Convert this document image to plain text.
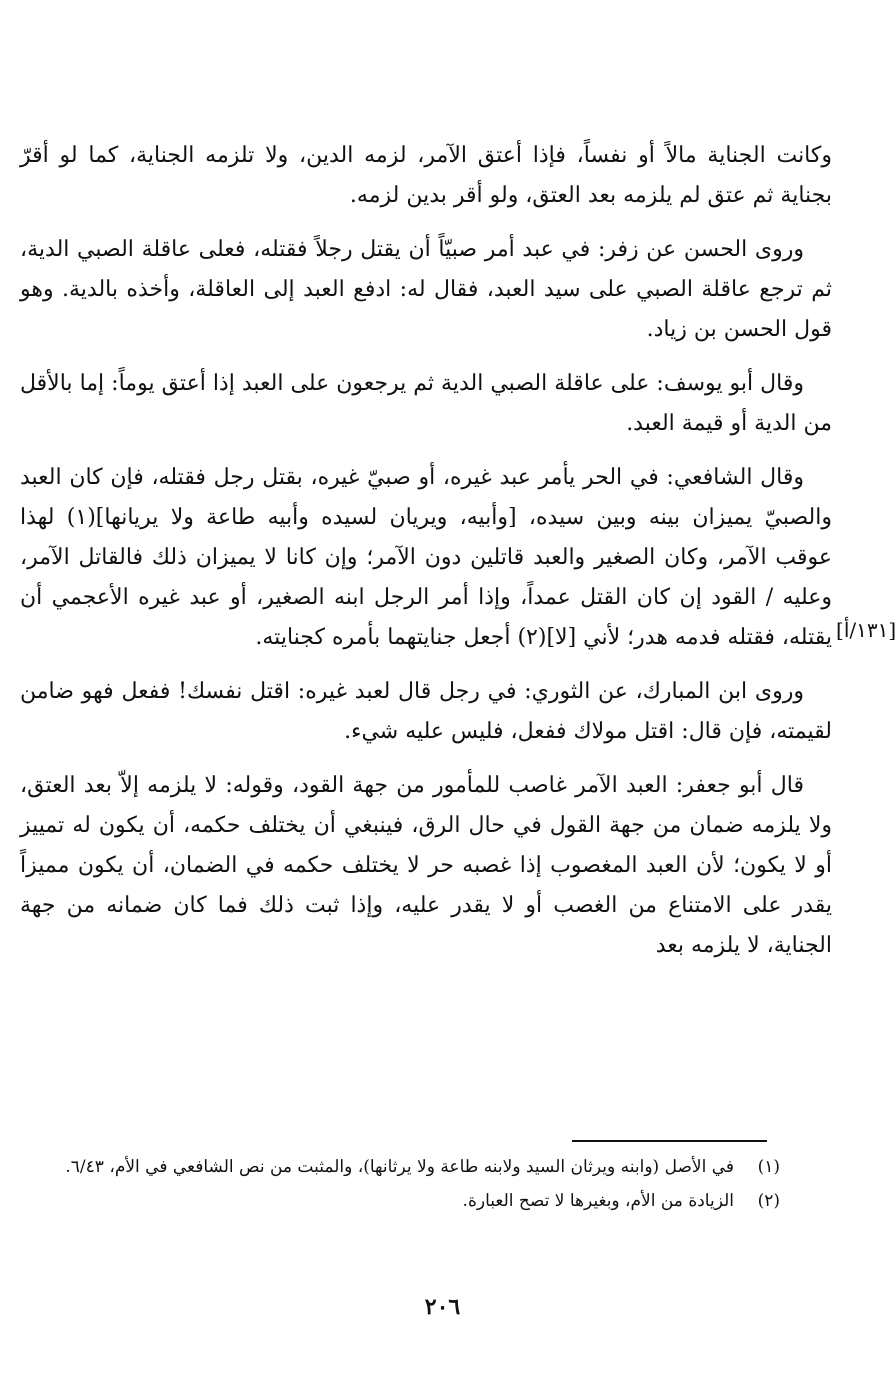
وكانت الجناية مالاً أو نفساً، فإذا أعتق الآمر، لزمه الدين، ولا تلزمه الجناية، كما لو أقرّ بجناية ثم عتق لم يلزمه بعد العتق، ولو أقر بدين لزمه.

وروى الحسن عن زفر: في عبد أمر صبيّاً أن يقتل رجلاً فقتله، فعلى عاقلة الصبي الدية، ثم ترجع عاقلة الصبي على سيد العبد، فقال له: ادفع العبد إلى العاقلة، وأخذه بالدية. وهو قول الحسن بن زياد.

وقال أبو يوسف: على عاقلة الصبي الدية ثم يرجعون على العبد إذا أعتق يوماً: إما بالأقل من الدية أو قيمة العبد.

وقال الشافعي: في الحر يأمر عبد غيره، أو صبيّ غيره، بقتل رجل فقتله، فإن كان العبد والصبيّ يميزان بينه وبين سيده، [وأبيه، ويريان لسيده وأبيه طاعة ولا يريانها](١) لهذا عوقب الآمر، وكان الصغير والعبد قاتلين دون الآمر؛ وإن كانا لا يميزان ذلك فالقاتل الآمر، وعليه / القود إن كان القتل عمداً، وإذا أمر الرجل ابنه الصغير، أو عبد غيره الأعجمي أن يقتله، فقتله فدمه هدر؛ لأني [لا](٢) أجعل جنايتهما بأمره كجنايته.

وروى ابن المبارك، عن الثوري: في رجل قال لعبد غيره: اقتل نفسك! ففعل فهو ضامن لقيمته، فإن قال: اقتل مولاك ففعل، فليس عليه شيء.

قال أبو جعفر: العبد الآمر غاصب للمأمور من جهة القود، وقوله: لا يلزمه إلاّ بعد العتق، ولا يلزمه ضمان من جهة القول في حال الرق، فينبغي أن يختلف حكمه، أن يكون له تمييز أو لا يكون؛ لأن العبد المغصوب إذا غصبه حر لا يختلف حكمه في الضمان، أن يكون مميزاً يقدر على الامتناع من الغصب أو لا يقدر عليه، وإذا ثبت ذلك فما كان ضمانه من جهة الجناية، لا يلزمه بعد

[١٣١/أ]
(١)
في الأصل (وابنه ويرثان السيد ولابنه طاعة ولا يرثانها)، والمثبت من نص الشافعي في الأم، ٦/٤٣.
(٢)
الزيادة من الأم، وبغيرها لا تصح العبارة.
٢٠٦
